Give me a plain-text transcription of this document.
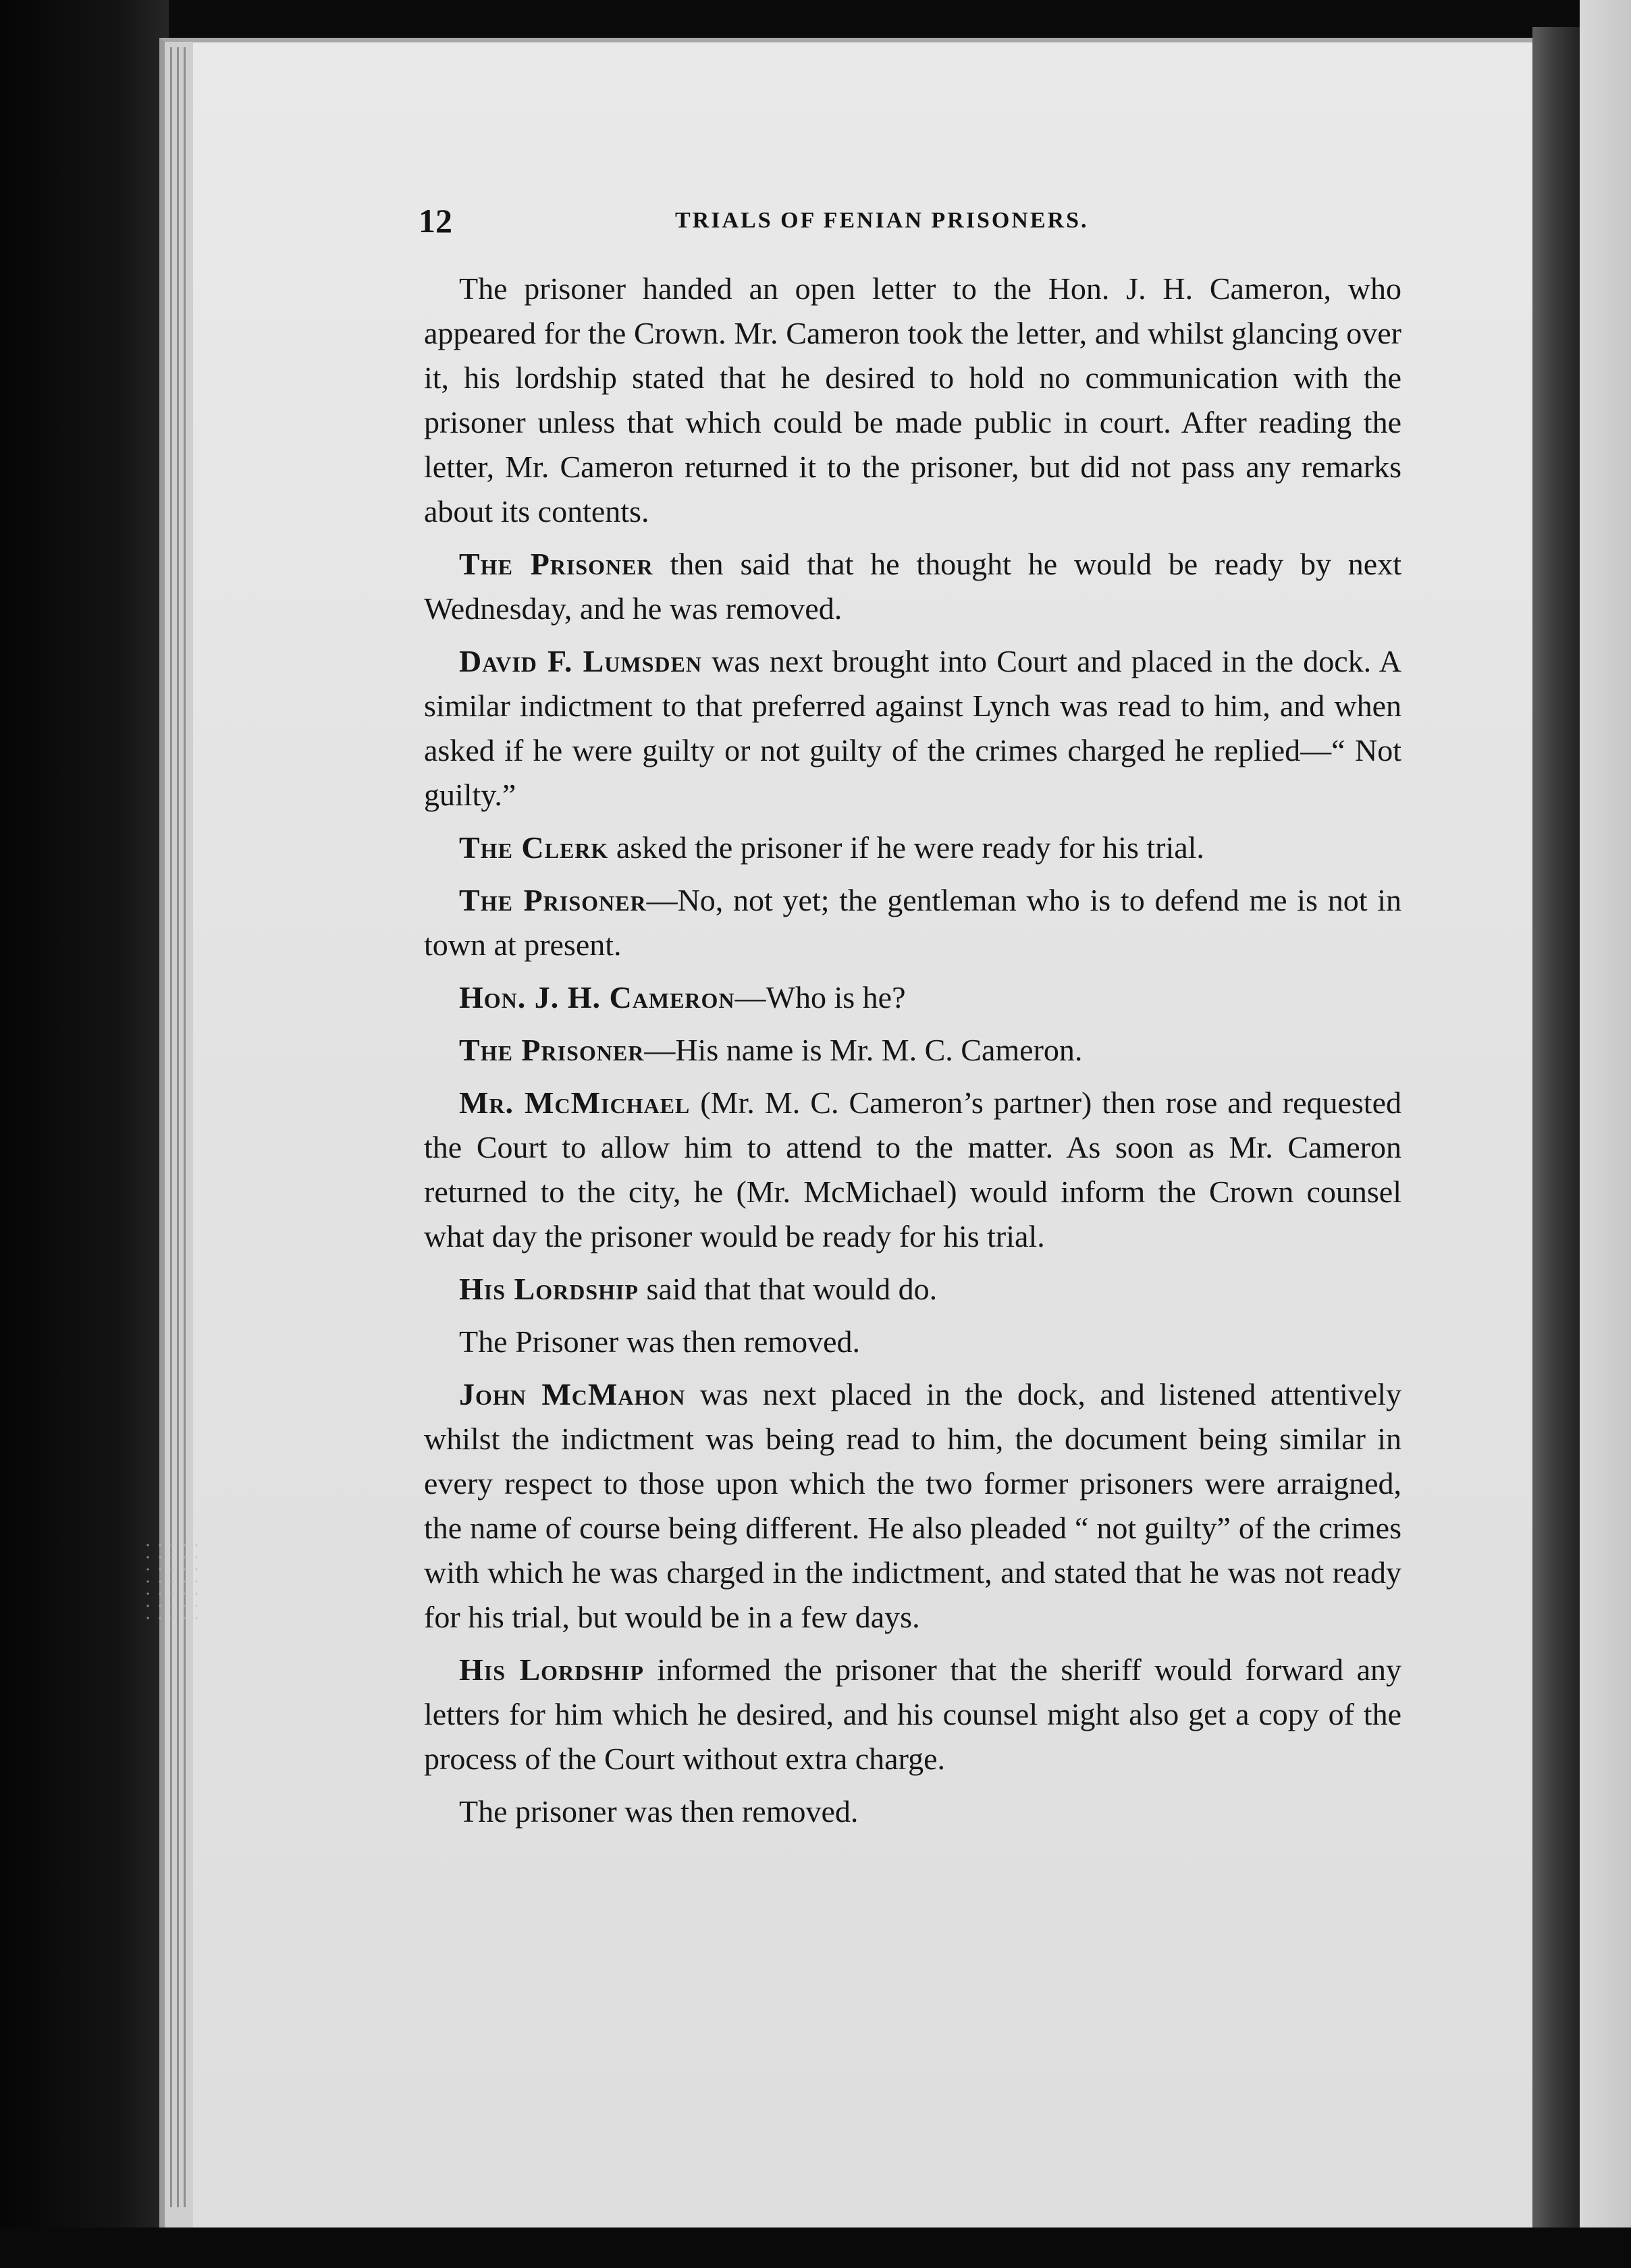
12	TRIALS OF FENIAN PRISONERS.

The prisoner handed an open letter to the Hon. J. H. Cameron, who appeared for the Crown. Mr. Cameron took the letter, and whilst glancing over it, his lordship stated that he desired to hold no communication with the prisoner unless that which could be made public in court. After reading the letter, Mr. Cameron returned it to the prisoner, but did not pass any remarks about its contents.

The Prisoner then said that he thought he would be ready by next Wednesday, and he was removed.

David F. Lumsden was next brought into Court and placed in the dock. A similar indictment to that preferred against Lynch was read to him, and when asked if he were guilty or not guilty of the crimes charged he replied—“ Not guilty.”

The Clerk asked the prisoner if he were ready for his trial.

The Prisoner—No, not yet; the gentleman who is to defend me is not in town at present.

Hon. J. H. Cameron—Who is he?

The Prisoner—His name is Mr. M. C. Cameron.

Mr. McMichael (Mr. M. C. Cameron’s partner) then rose and requested the Court to allow him to attend to the matter. As soon as Mr. Cameron returned to the city, he (Mr. McMichael) would inform the Crown counsel what day the prisoner would be ready for his trial.

His Lordship said that that would do.

The Prisoner was then removed.

John McMahon was next placed in the dock, and listened attentively whilst the indictment was being read to him, the document being similar in every respect to those upon which the two former prisoners were arraigned, the name of course being different. He also pleaded “ not guilty” of the crimes with which he was charged in the indictment, and stated that he was not ready for his trial, but would be in a few days.

His Lordship informed the prisoner that the sheriff would forward any letters for him which he desired, and his counsel might also get a copy of the process of the Court without extra charge.

The prisoner was then removed.
